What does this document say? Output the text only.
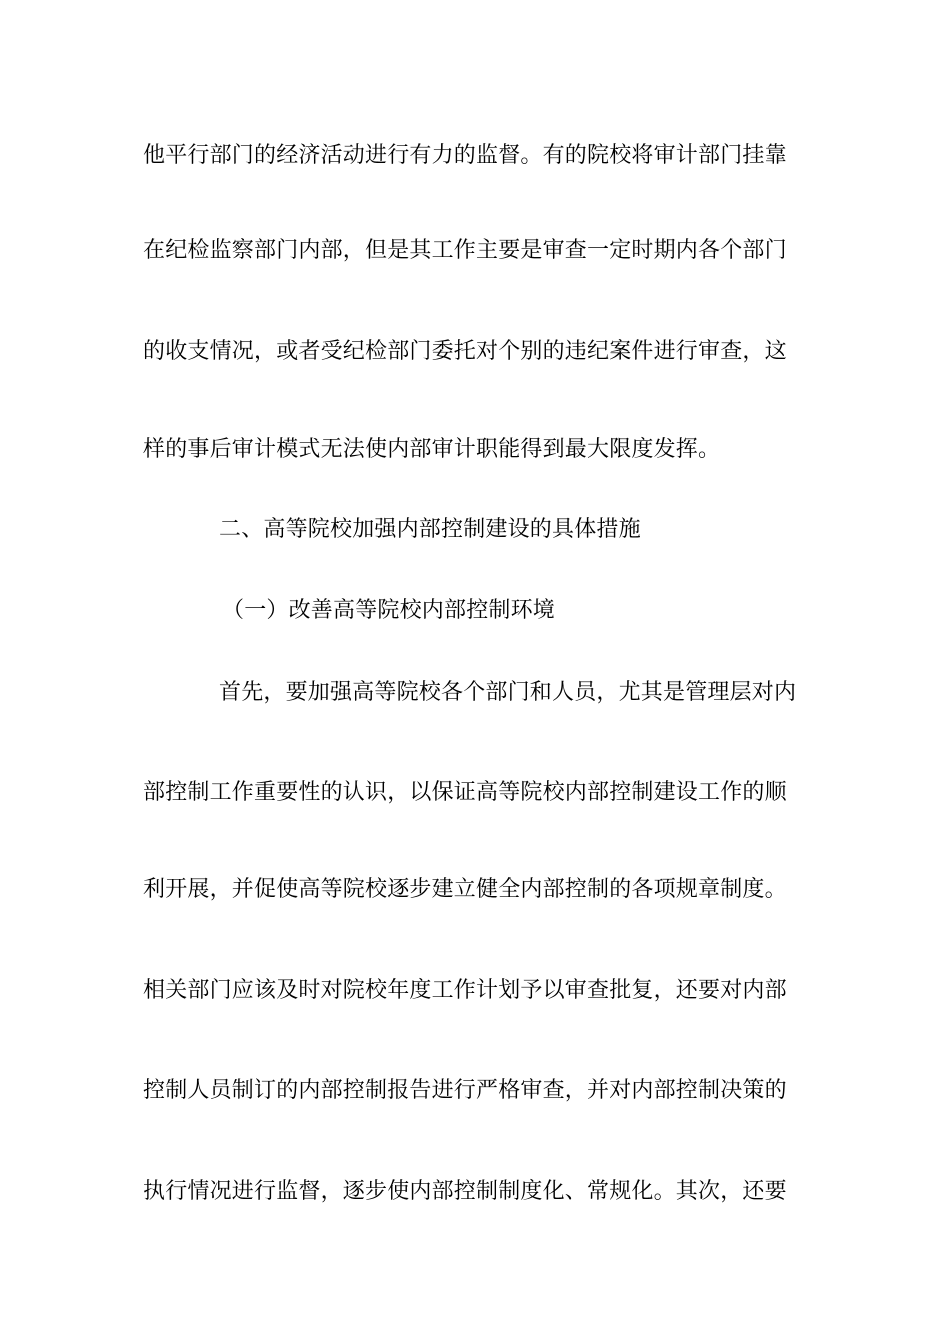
他平行部门的经济活动进行有力的监督。有的院校将审计部门挂靠
在纪检监察部门内部，但是其工作主要是审查一定时期内各个部门
的收支情况，或者受纪检部门委托对个别的违纪案件进行审查，这
样的事后审计模式无法使内部审计职能得到最大限度发挥。
二、高等院校加强内部控制建设的具体措施
（一）改善高等院校内部控制环境
首先，要加强高等院校各个部门和人员，尤其是管理层对内
部控制工作重要性的认识，以保证高等院校内部控制建设工作的顺
利开展，并促使高等院校逐步建立健全内部控制的各项规章制度。
相关部门应该及时对院校年度工作计划予以审查批复，还要对内部
控制人员制订的内部控制报告进行严格审查，并对内部控制决策的
执行情况进行监督，逐步使内部控制制度化、常规化。其次，还要
